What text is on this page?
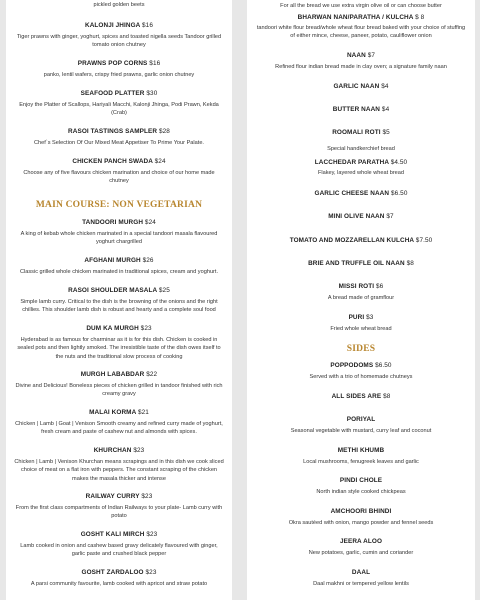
pickled golden beets
KALONJI JHINGA $16
Tiger prawns with ginger, yoghurt, spices and toasted nigella seeds Tandoor grilled tomato onion chutney
PRAWNS POP CORNS $16
panko, lentil wafers, crispy fried prawns, garlic onion chutney
SEAFOOD PLATTER $30
Enjoy the Platter of Scallops, Hariyali Macchi, Kalonji Jhinga, Podi Prawn, Kekda (Crab)
RASOI TASTINGS SAMPLER $28
Chef`s Selection Of Our Mixed Meat Appetiser To Prime Your Palate.
CHICKEN PANCH SWADA $24
Choose any of five flavours chicken marination and choice of our home made chutney
MAIN COURSE: NON VEGETARIAN
TANDOORI MURGH $24
A king of kebab whole chicken marinated in a special tandoori masala flavoured yoghurt chargrilled
AFGHANI MURGH $26
Classic grilled whole chicken marinated in traditional spices, cream and yoghurt.
RASOI SHOULDER MASALA $25
Simple lamb curry. Critical to the dish is the browning of the onions and the right chillies. This shoulder lamb dish is robust and hearty and a complete soul food
DUM KA MURGH $23
Hyderabad is as famous for charminar as it is for this dish. Chicken is cooked in sealed pots and then lightly smoked. The irresistible taste of the dish owes itself to the nuts and the traditional slow process of cooking
MURGH LABABDAR $22
Divine and Delicious! Boneless pieces of chicken grilled in tandoor finished with rich creamy gravy
MALAI KORMA $21
Chicken | Lamb | Goat | Venison Smooth creamy and refined curry made of yoghurt, fresh cream and paste of cashew nut and almonds with spices.
KHURCHAN $23
Chicken | Lamb | Venison Khurchan means scrapings and in this dish we cook sliced choice of meat on a flat iron with peppers. The constant scraping of the chicken makes the masala thicker and intense
RAILWAY CURRY $23
From the first class compartments of Indian Railways to your plate- Lamb curry with potato
GOSHT KALI MIRCH $23
Lamb cooked in onion and cashew based gravy delicately flavoured with ginger, garlic paste and crushed black pepper
GOSHT ZARDALOO $23
A parsi community favourite, lamb cooked with apricot and straw potato
For all the bread we use extra virgin olive oil or can choose butter
BHARWAN NAN/PARATHA / KULCHA $ 8
tandoori white flour bread/whole wheat flour bread baked with your choice of stuffing of either mince, cheese, paneer, potato, cauliflower onion
NAAN $7
Refined flour indian bread made in clay oven; a signature family naan
GARLIC NAAN $4
BUTTER NAAN $4
ROOMALI ROTI $5
Special handkerchief bread
LACCHEDAR PARATHA $4.50
Flakey, layered whole wheat bread
GARLIC CHEESE NAAN $6.50
MINI OLIVE NAAN $7
TOMATO AND MOZZARELLAN KULCHA $7.50
BRIE AND TRUFFLE OIL NAAN $8
MISSI ROTI $6
A bread made of gramflour
PURI $3
Fried whole wheat bread
SIDES
POPPODOMS $6.50
Served with a trio of homemade chutneys
ALL SIDES ARE $8
PORIYAL
Seasonal vegetable with mustard, curry leaf and coconut
METHI KHUMB
Local mushrooms, fenugreek leaves and garlic
PINDI CHOLE
North indian style cooked chickpeas
AMCHOORI BHINDI
Okra sautéed with onion, mango powder and fennel seeds
JEERA ALOO
New potatoes, garlic, cumin and coriander
DAAL
Daal makhni or tempered yellow lentils
